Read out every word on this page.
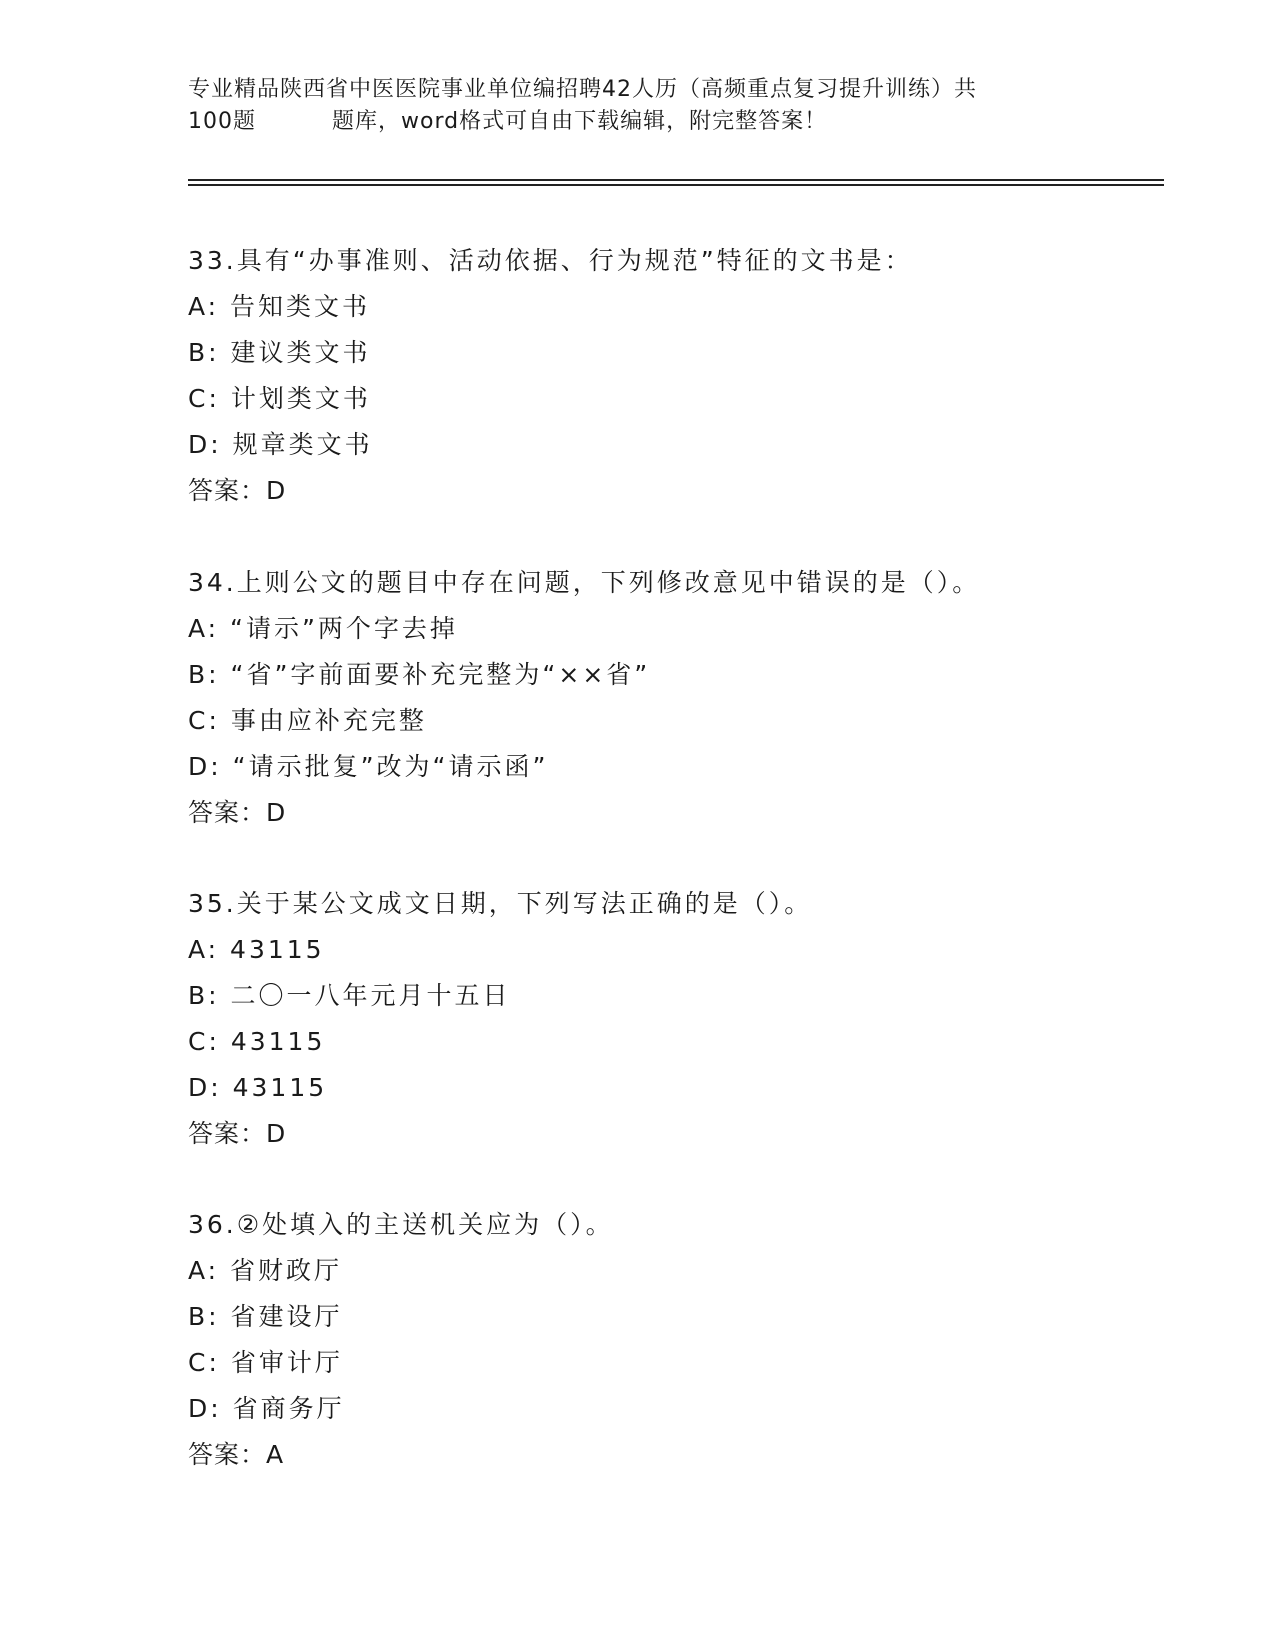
专业精品陕西省中医医院事业单位编招聘42人历（高频重点复习提升训练）共
100题	题库，word格式可自由下载编辑，附完整答案！
33.具有“办事准则、活动依据、行为规范”特征的文书是：
A: 告知类文书
B: 建议类文书
C: 计划类文书
D: 规章类文书
答案：D
34.上则公文的题目中存在问题，下列修改意见中错误的是（）。
A: “请示”两个字去掉
B: “省”字前面要补充完整为“××省”
C: 事由应补充完整
D: “请示批复”改为“请示函”
答案：D
35.关于某公文成文日期，下列写法正确的是（）。
A: 43115
B: 二〇一八年元月十五日
C: 43115
D: 43115
答案：D
36.②处填入的主送机关应为（）。
A: 省财政厅
B: 省建设厅
C: 省审计厅
D: 省商务厅
答案：A
